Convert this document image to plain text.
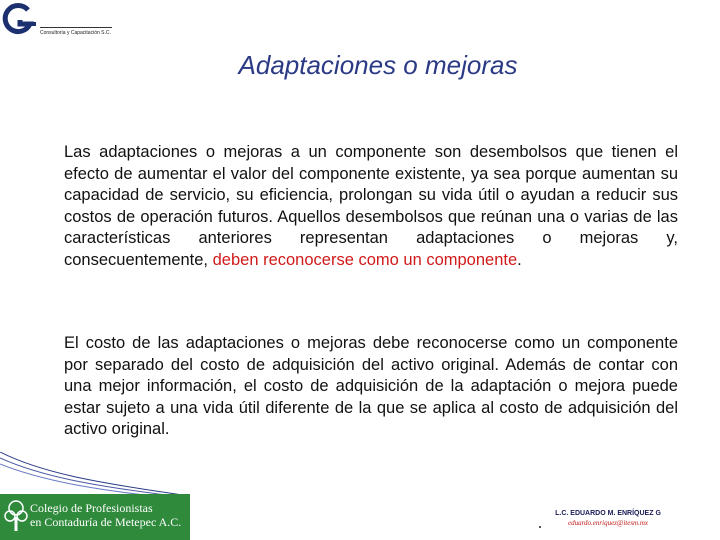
Consultoría y Capacitación S.C.
Adaptaciones o mejoras
Las adaptaciones o mejoras a un componente son desembolsos que tienen el efecto de aumentar el valor del componente existente, ya sea porque aumentan su capacidad de servicio, su eficiencia, prolongan su vida útil o ayudan a reducir sus costos de operación futuros. Aquellos desembolsos que reúnan una o varias de las características anteriores representan adaptaciones o mejoras y, consecuentemente, deben reconocerse como un componente.
El costo de las adaptaciones o mejoras debe reconocerse como un componente por separado del costo de adquisición del activo original. Además de contar con una mejor información, el costo de adquisición de la adaptación o mejora puede estar sujeto a una vida útil diferente de la que se aplica al costo de adquisición del activo original.
Colegio de Profesionistas
en Contaduría de Metepec A.C.
L.C. EDUARDO M. ENRÍQUEZ G
eduardo.enriquez@itesm.mx
